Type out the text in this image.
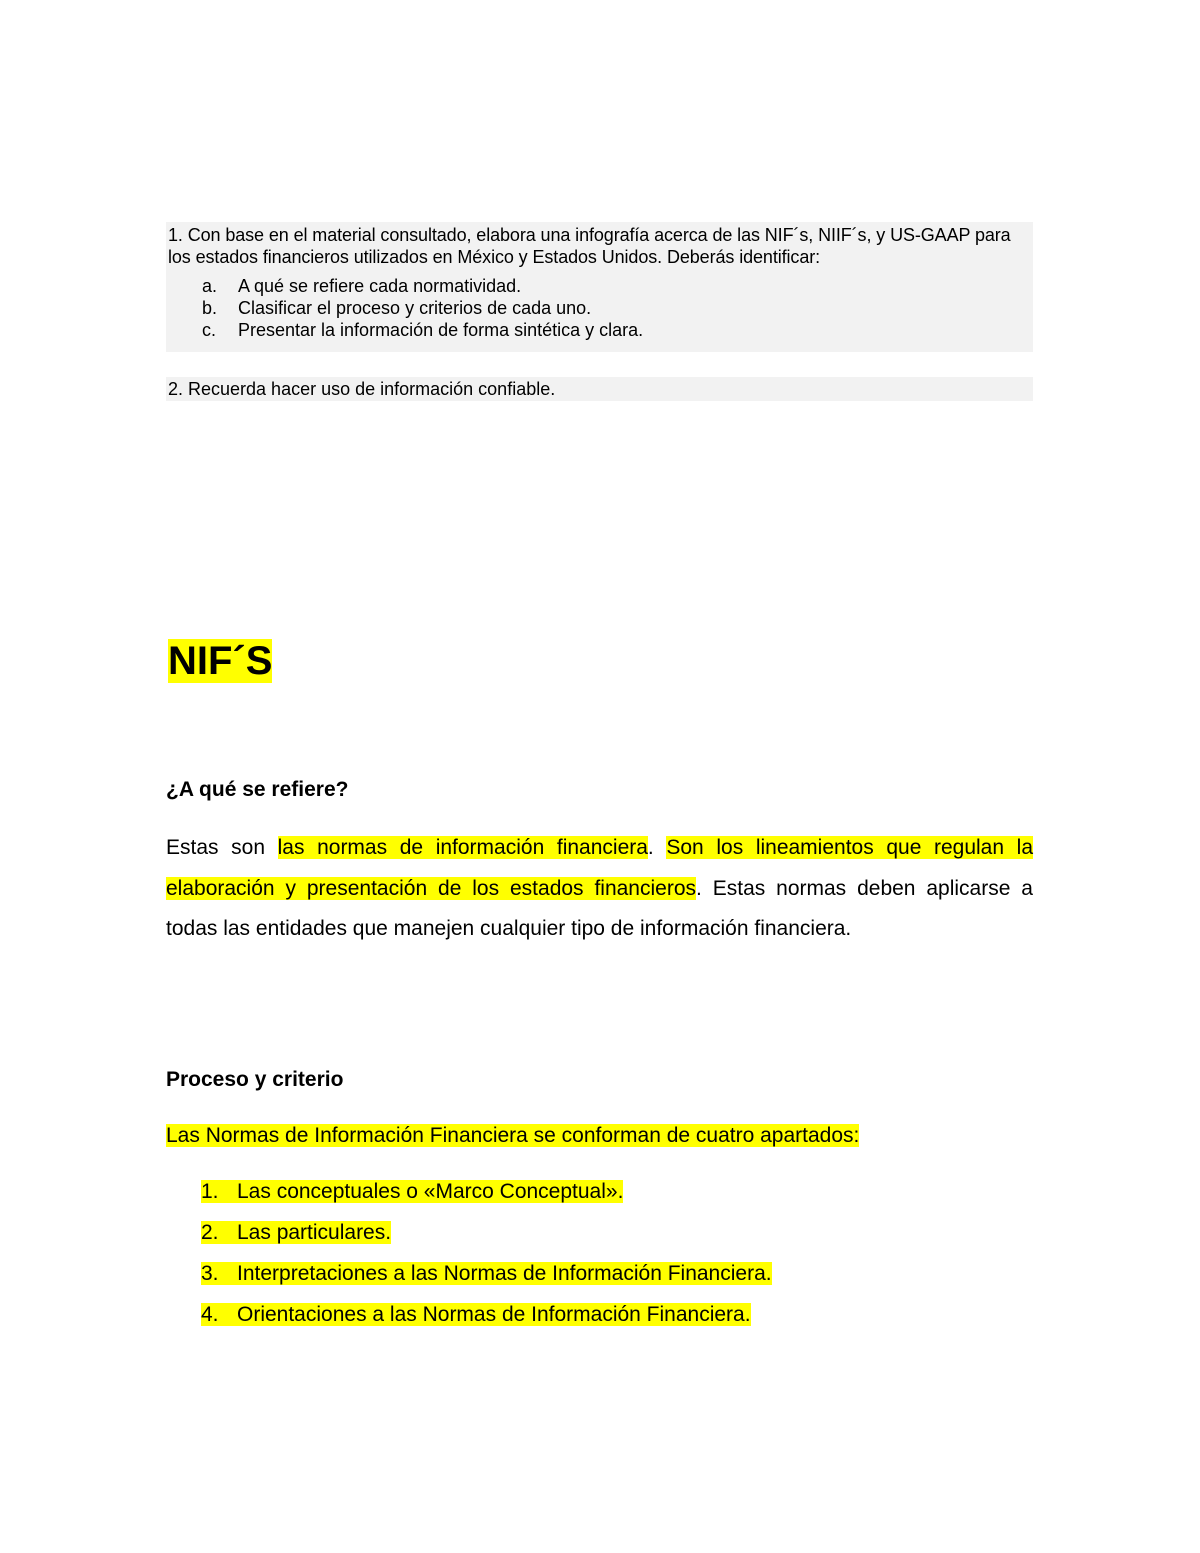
1. Con base en el material consultado, elabora una infografía acerca de las NIF´s, NIIF´s, y US-GAAP para los estados financieros utilizados en México y Estados Unidos. Deberás identificar:

a.	A qué se refiere cada normatividad.
b.	Clasificar el proceso y criterios de cada uno.
c.	Presentar la información de forma sintética y clara.
2. Recuerda hacer uso de información confiable.
NIF´S
¿A qué se refiere?

Estas son las normas de información financiera. Son los lineamientos que regulan la elaboración y presentación de los estados financieros. Estas normas deben aplicarse a todas las entidades que manejen cualquier tipo de información financiera.

Proceso y criterio

Las Normas de Información Financiera se conforman de cuatro apartados:

1. Las conceptuales o «Marco Conceptual».
2. Las particulares.
3. Interpretaciones a las Normas de Información Financiera.
4. Orientaciones a las Normas de Información Financiera.
